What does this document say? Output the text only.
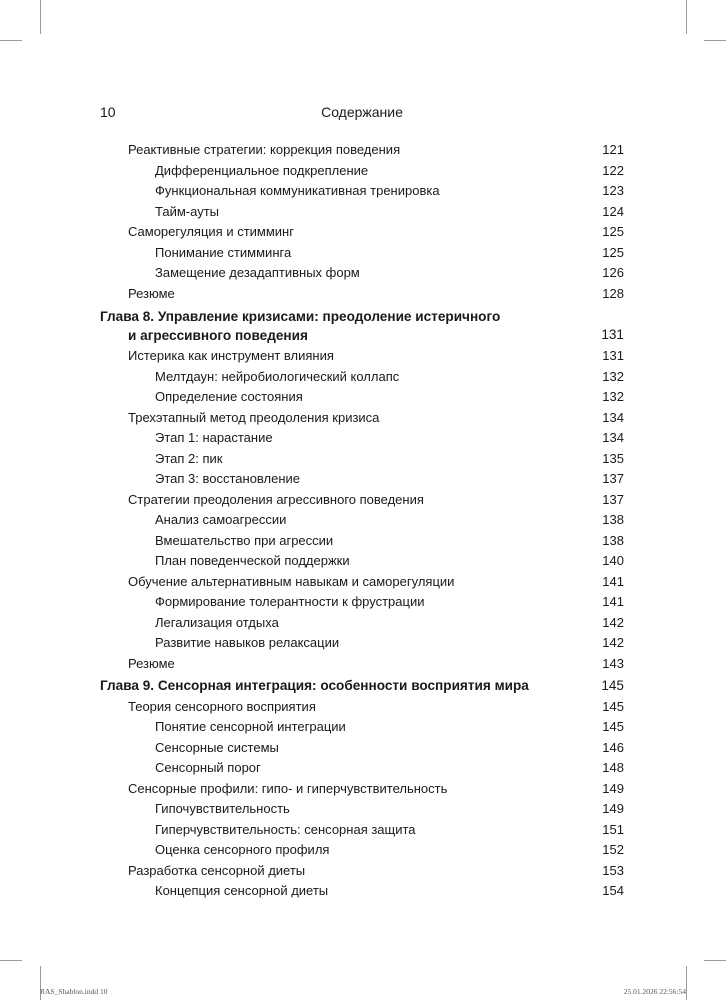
10	Содержание
Реактивные стратегии: коррекция поведения	121
Дифференциальное подкрепление	122
Функциональная коммуникативная тренировка	123
Тайм-ауты	124
Саморегуляция и стимминг	125
Понимание стимминга	125
Замещение дезадаптивных форм	126
Резюме	128
Глава 8. Управление кризисами: преодоление истеричного
и агрессивного поведения	131
Истерика как инструмент влияния	131
Мелтдаун: нейробиологический коллапс	132
Определение состояния	132
Трехэтапный метод преодоления кризиса	134
Этап 1: нарастание	134
Этап 2: пик	135
Этап 3: восстановление	137
Стратегии преодоления агрессивного поведения	137
Анализ самоагрессии	138
Вмешательство при агрессии	138
План поведенческой поддержки	140
Обучение альтернативным навыкам и саморегуляции	141
Формирование толерантности к фрустрации	141
Легализация отдыха	142
Развитие навыков релаксации	142
Резюме	143
Глава 9. Сенсорная интеграция: особенности восприятия мира	145
Теория сенсорного восприятия	145
Понятие сенсорной интеграции	145
Сенсорные системы	146
Сенсорный порог	148
Сенсорные профили: гипо- и гиперчувствительность	149
Гипочувствительность	149
Гиперчувствительность: сенсорная защита	151
Оценка сенсорного профиля	152
Разработка сенсорной диеты	153
Концепция сенсорной диеты	154
RAS_Shablon.indd 10	25.01.2026 22:56:54
